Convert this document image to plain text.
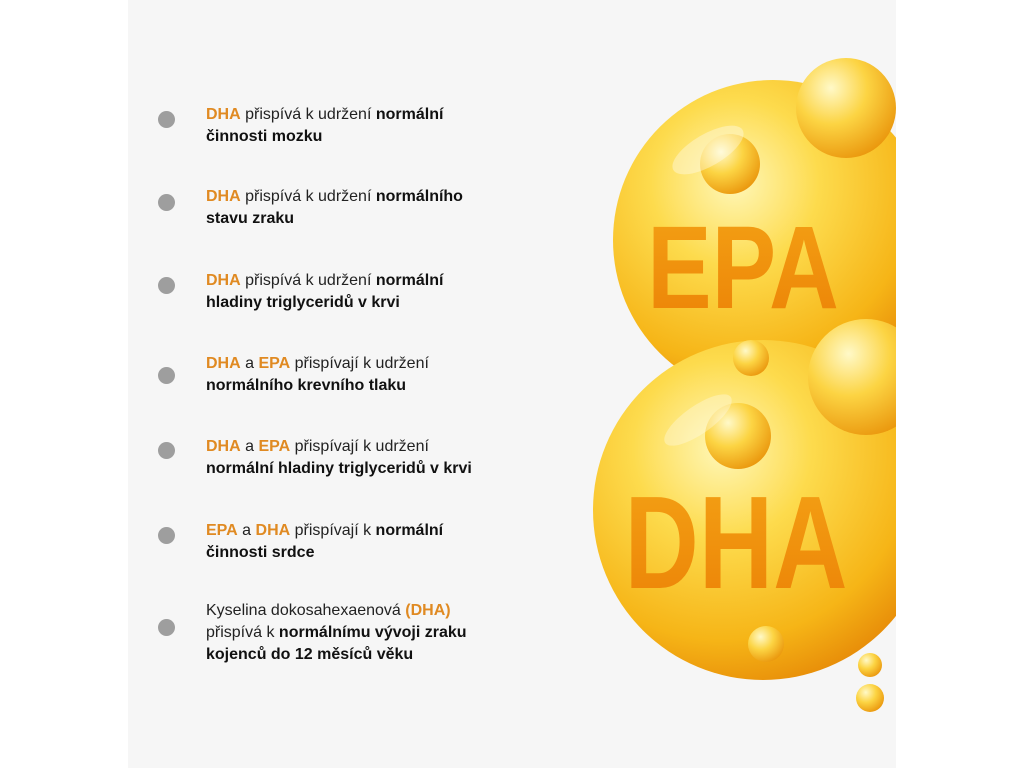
DHA přispívá k udržení normální
činnosti mozku
DHA přispívá k udržení normálního
stavu zraku
DHA přispívá k udržení normální
hladiny triglyceridů v krvi
DHA a EPA přispívají k udržení
normálního krevního tlaku
DHA a EPA přispívají k udržení
normální hladiny triglyceridů v krvi
EPA a DHA přispívají k normální
činnosti srdce
Kyselina dokosahexaenová (DHA)
přispívá k normálnímu vývoji zraku
kojenců do 12 měsíců věku
EPA
DHA
